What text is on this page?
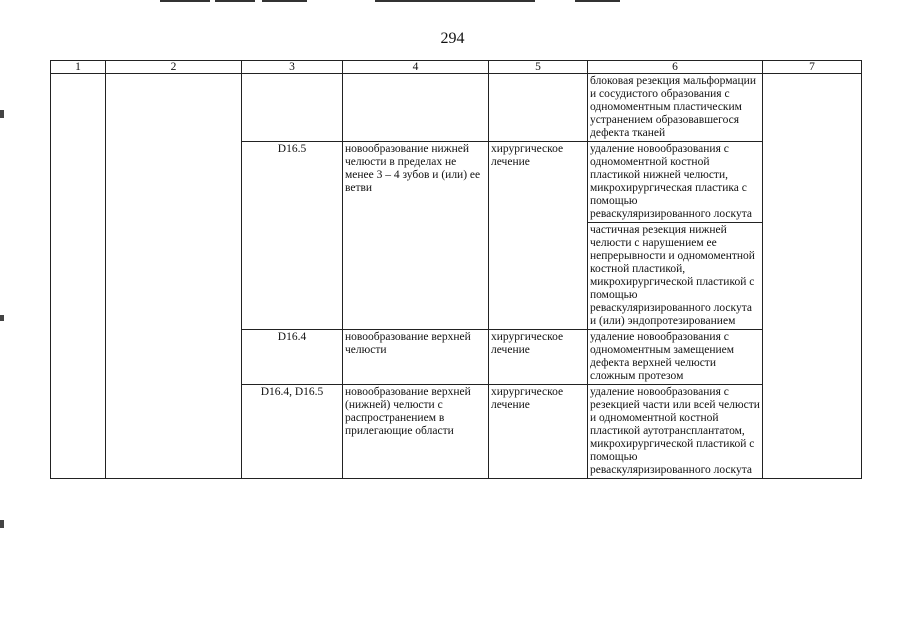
294
1	2	3	4	5	6	7
					блоковая резекция мальформации и сосудистого образования с одномоментным пластическим устранением образовавшегося дефекта тканей	
		D16.5	новообразование нижней челюсти в пределах не менее 3 – 4 зубов и (или) ее ветви	хирургическое лечение	удаление новообразования с одномоментной костной пластикой нижней челюсти, микрохирургическая пластика с помощью реваскуляризированного лоскута	
					частичная резекция нижней челюсти с нарушением ее непрерывности и одномоментной костной пластикой, микрохирургической пластикой с помощью реваскуляризированного лоскута и (или) эндопротезированием	
		D16.4	новообразование верхней челюсти	хирургическое лечение	удаление новообразования с одномоментным замещением дефекта верхней челюсти сложным протезом	
		D16.4, D16.5	новообразование верхней (нижней) челюсти с распространением в прилегающие области	хирургическое лечение	удаление новообразования с резекцией части или всей челюсти и одномоментной костной пластикой аутотрансплантатом, микрохирургической пластикой с помощью реваскуляризированного лоскута	
